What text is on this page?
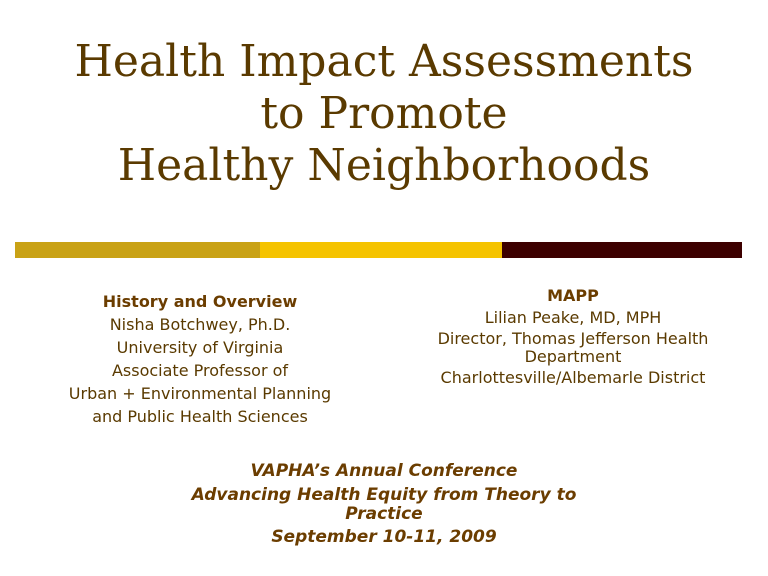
Health Impact Assessments
to Promote
Healthy Neighborhoods
History and Overview
Nisha Botchwey, Ph.D.
University of Virginia
Associate Professor of
Urban + Environmental Planning
and Public Health Sciences
MAPP
Lilian Peake, MD, MPH
Director, Thomas Jefferson Health Department
Charlottesville/Albemarle District
VAPHA’s Annual Conference
Advancing Health Equity from Theory to Practice
September 10-11, 2009
